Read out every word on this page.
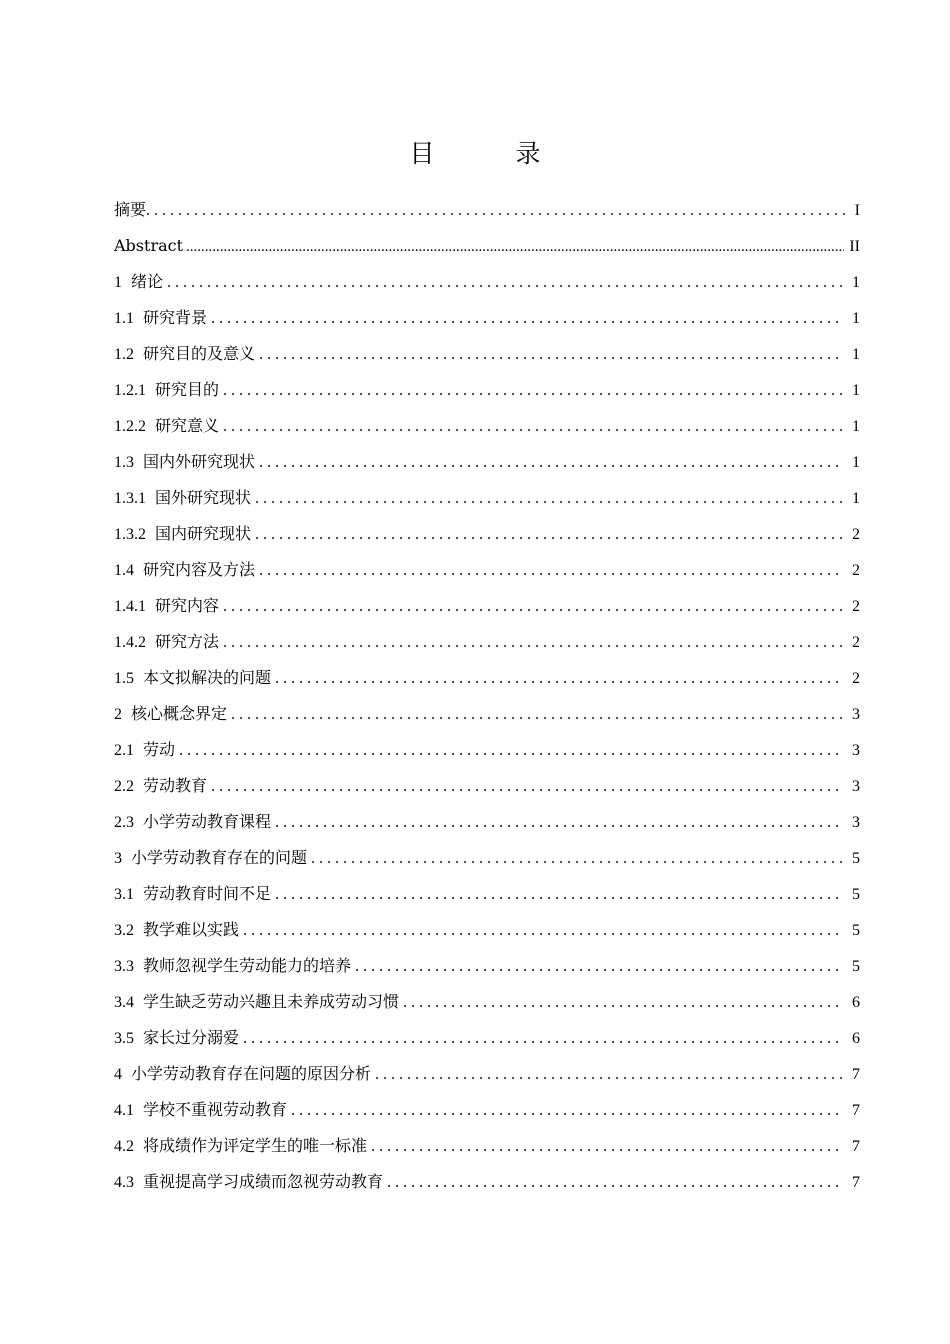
目　录
摘要 . . .	I
Abstract .....	II
1 绪论 . . .	1
1.1 研究背景 . . .	1
1.2 研究目的及意义 . . .	1
1.2.1 研究目的 . . .	1
1.2.2 研究意义 . . .	1
1.3 国内外研究现状 . . .	1
1.3.1 国外研究现状 . . .	1
1.3.2 国内研究现状 . . .	2
1.4 研究内容及方法 . . .	2
1.4.1 研究内容 . . .	2
1.4.2 研究方法 . . .	2
1.5 本文拟解决的问题 . . .	2
2 核心概念界定 . . .	3
2.1 劳动 . . .	3
2.2 劳动教育 . . .	3
2.3 小学劳动教育课程 . . .	3
3 小学劳动教育存在的问题 . . .	5
3.1 劳动教育时间不足 . . .	5
3.2 教学难以实践 . . .	5
3.3 教师忽视学生劳动能力的培养 . . .	5
3.4 学生缺乏劳动兴趣且未养成劳动习惯 . . .	6
3.5 家长过分溺爱 . . .	6
4 小学劳动教育存在问题的原因分析 . . .	7
4.1 学校不重视劳动教育 . . .	7
4.2 将成绩作为评定学生的唯一标准 . . .	7
4.3 重视提高学习成绩而忽视劳动教育 . . .	7
